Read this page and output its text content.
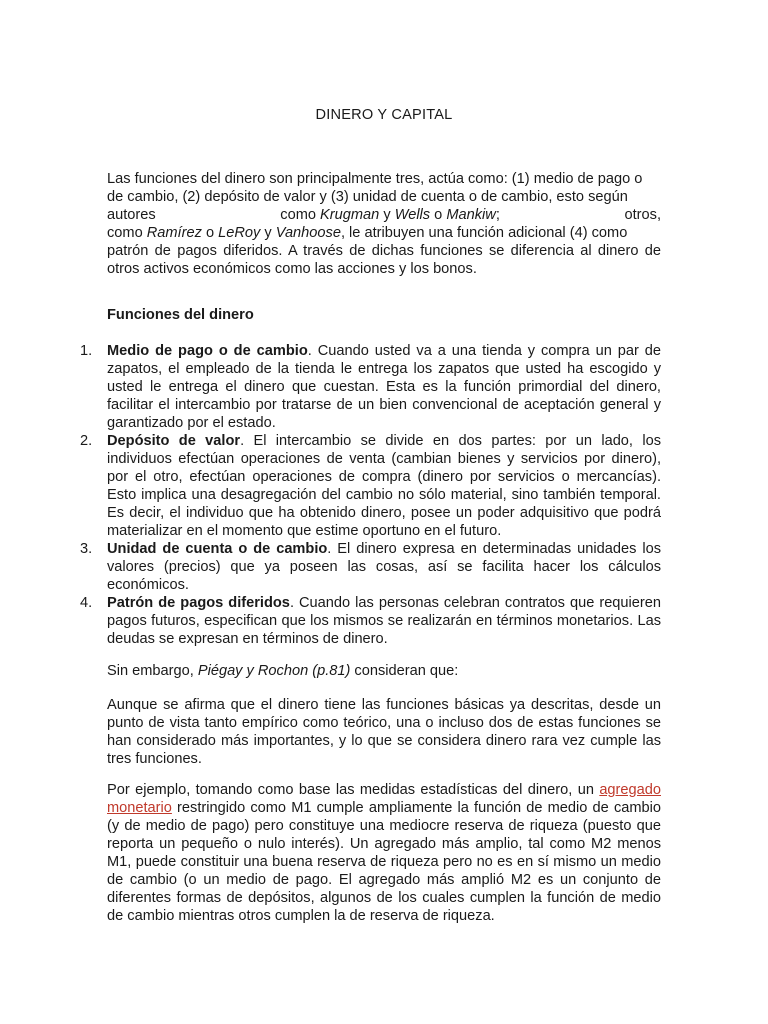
DINERO Y CAPITAL
Las funciones del dinero son principalmente tres, actúa como: (1) medio de pago o
de cambio, (2) depósito de valor y (3) unidad de cuenta o de cambio, esto según
autores	como Krugman y Wells o Mankiw;	otros,
como Ramírez o LeRoy y Vanhoose, le atribuyen una función adicional (4) como
patrón de pagos diferidos. A través de dichas funciones se diferencia al dinero de otros activos económicos como las acciones y los bonos.
Funciones del dinero
1. Medio de pago o de cambio. Cuando usted va a una tienda y compra un par de zapatos, el empleado de la tienda le entrega los zapatos que usted ha escogido y usted le entrega el dinero que cuestan. Esta es la función primordial del dinero, facilitar el intercambio por tratarse de un bien convencional de aceptación general y garantizado por el estado.
2. Depósito de valor. El intercambio se divide en dos partes: por un lado, los individuos efectúan operaciones de venta (cambian bienes y servicios por dinero), por el otro, efectúan operaciones de compra (dinero por servicios o mercancías). Esto implica una desagregación del cambio no sólo material, sino también temporal. Es decir, el individuo que ha obtenido dinero, posee un poder adquisitivo que podrá materializar en el momento que estime oportuno en el futuro.
3. Unidad de cuenta o de cambio. El dinero expresa en determinadas unidades los valores (precios) que ya poseen las cosas, así se facilita hacer los cálculos económicos.
4. Patrón de pagos diferidos. Cuando las personas celebran contratos que requieren pagos futuros, especifican que los mismos se realizarán en términos monetarios. Las deudas se expresan en términos de dinero.
Sin embargo, Piégay y Rochon (p.81) consideran que:
Aunque se afirma que el dinero tiene las funciones básicas ya descritas, desde un punto de vista tanto empírico como teórico, una o incluso dos de estas funciones se han considerado más importantes, y lo que se considera dinero rara vez cumple las tres funciones.
Por ejemplo, tomando como base las medidas estadísticas del dinero, un agregado monetario restringido como M1 cumple ampliamente la función de medio de cambio (y de medio de pago) pero constituye una mediocre reserva de riqueza (puesto que reporta un pequeño o nulo interés). Un agregado más amplio, tal como M2 menos M1, puede constituir una buena reserva de riqueza pero no es en sí mismo un medio de cambio (o un medio de pago. El agregado más amplió M2 es un conjunto de diferentes formas de depósitos, algunos de los cuales cumplen la función de medio de cambio mientras otros cumplen la de reserva de riqueza.
